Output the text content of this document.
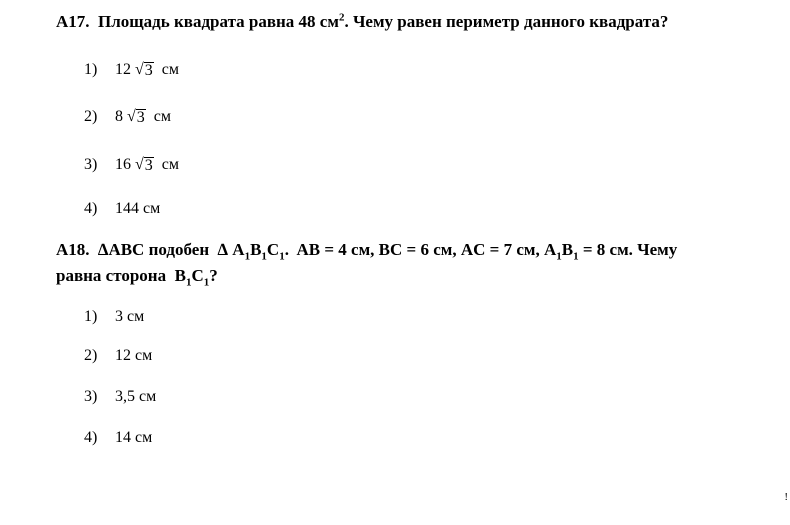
A17. Площадь квадрата равна 48 $см^2$. Чему равен периметр данного квадрата?
1) 12 √ 3 см
2) 8 √ 3 см
3) 16 √ 3 см
4) 144 см
A18. ∆ABC подобен ∆ $A_1B_1C_1$. AB = 4 см, BC = 6 см, AC = 7 см, $A_1B_1 = 8$ см. Чему
равна сторона $B_1C_1$?
1) 3 см
2) 12 см
3) 3,5 см
4) 14 см
!
